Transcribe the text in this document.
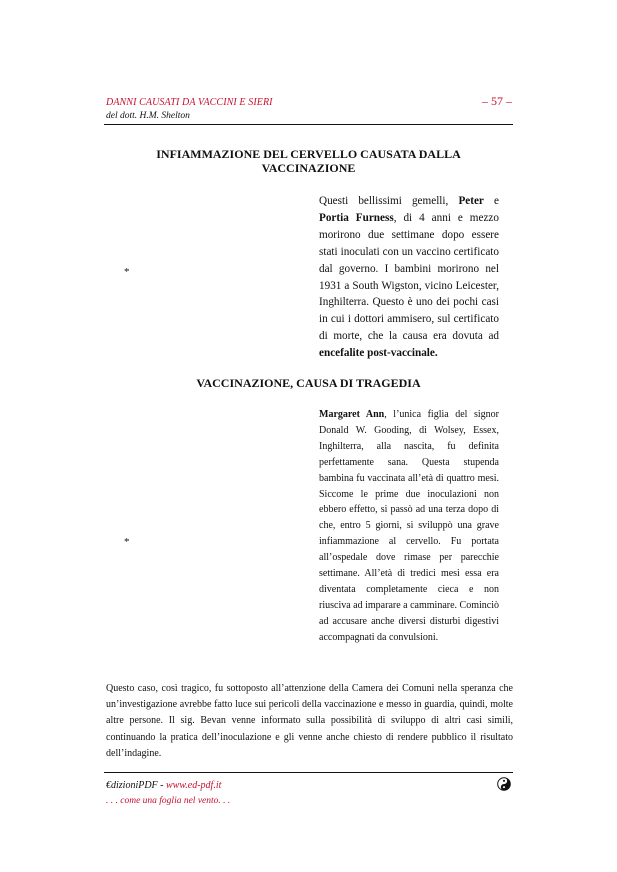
DANNI CAUSATI DA VACCINI E SIERI	– 57 –
del dott. H.M. Shelton
INFIAMMAZIONE DEL CERVELLO CAUSATA DALLA
VACCINAZIONE
*
Questi bellissimi gemelli, Peter e Portia Furness, di 4 anni e mezzo morirono due settimane dopo essere stati inoculati con un vaccino certificato dal governo. I bambini morirono nel 1931 a South Wigston, vicino Leicester, Inghilterra. Questo è uno dei pochi casi in cui i dottori ammisero, sul certificato di morte, che la causa era dovuta ad encefalite post-vaccinale.
VACCINAZIONE, CAUSA DI TRAGEDIA
*
Margaret Ann, l’unica figlia del signor Donald W. Gooding, di Wolsey, Essex, Inghilterra, alla nascita, fu definita perfettamente sana. Questa stupenda bambina fu vaccinata all’età di quattro mesi. Siccome le prime due inoculazioni non ebbero effetto, si passò ad una terza dopo di che, entro 5 giorni, si sviluppò una grave infiammazione al cervello. Fu portata all’ospedale dove rimase per parecchie settimane. All’età di tredici mesi essa era diventata completamente cieca e non riusciva ad imparare a camminare. Cominciò ad accusare anche diversi disturbi digestivi accompagnati da convulsioni.
Questo caso, così tragico, fu sottoposto all’attenzione della Camera dei Comuni nella speranza che un’investigazione avrebbe fatto luce sui pericoli della vaccinazione e messo in guardia, quindi, molte altre persone. Il sig. Bevan venne informato sulla possibilità di sviluppo di altri casi simili, continuando la pratica dell’inoculazione e gli venne anche chiesto di rendere pubblico il risultato dell’indagine.
€dizioniPDF - www.ed-pdf.it
. . . come una foglia nel vento. . .
